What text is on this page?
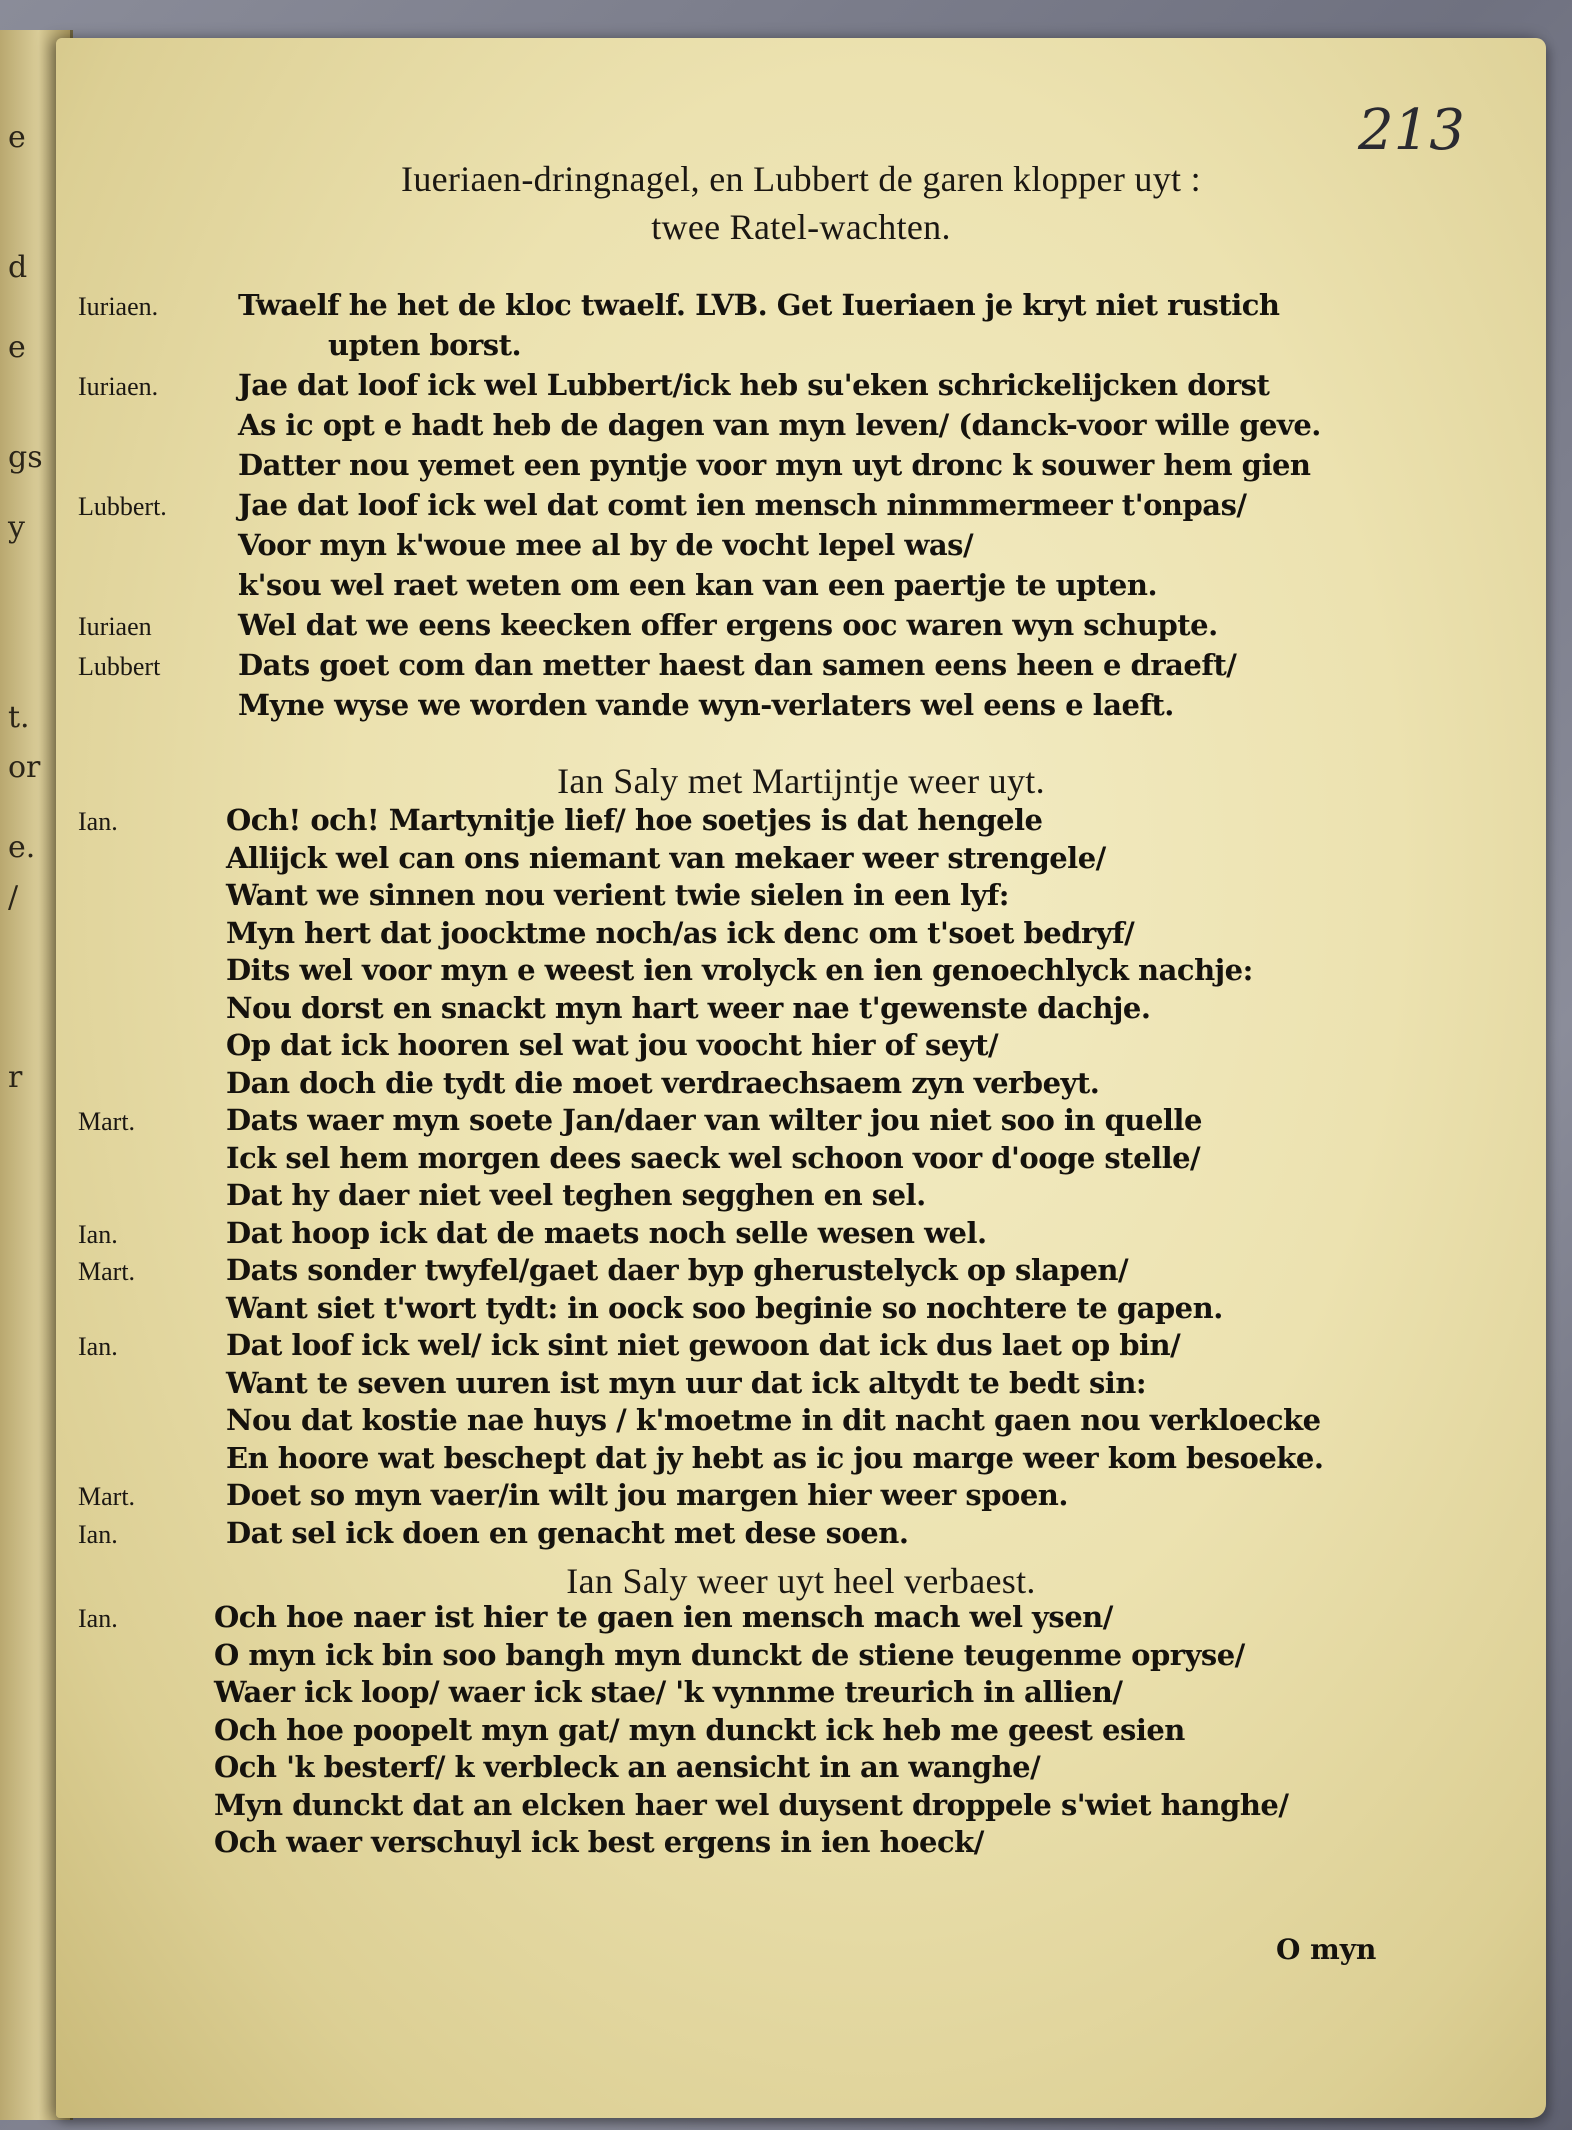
e
d
e
gs
y
t.
or
e.
/
r
213
Iueriaen-dringnagel, en Lubbert de garen klopper uyt :
twee Ratel-wachten.
Iuriaen.	Twaelf he het de kloc twaelf. LVB. Get Iueriaen je kryt niet rustich
upten borst.
Iuriaen.	Jae dat loof ick wel Lubbert/ick heb su'eken schrickelijcken dorst
As ic opt e hadt heb de dagen van myn leven/ (danck-voor wille geve.
Datter nou yemet een pyntje voor myn uyt dronc k souwer hem gien
Lubbert.	Jae dat loof ick wel dat comt ien mensch ninmmermeer t'onpas/
Voor myn k'woue mee al by de vocht lepel was/
k'sou wel raet weten om een kan van een paertje te upten.
Iuriaen	Wel dat we eens keecken offer ergens ooc waren wyn schupte.
Lubbert	Dats goet com dan metter haest dan samen eens heen e draeft/
Myne wyse we worden vande wyn-verlaters wel eens e laeft.
Ian Saly met Martijntje weer uyt.
Ian.	Och! och! Martynitje lief/ hoe soetjes is dat hengele
Allijck wel can ons niemant van mekaer weer strengele/
Want we sinnen nou verient twie sielen in een lyf:
Myn hert dat joocktme noch/as ick denc om t'soet bedryf/
Dits wel voor myn e weest ien vrolyck en ien genoechlyck nachje:
Nou dorst en snackt myn hart weer nae t'gewenste dachje.
Op dat ick hooren sel wat jou voocht hier of seyt/
Dan doch die tydt die moet verdraechsaem zyn verbeyt.
Mart.	Dats waer myn soete Jan/daer van wilter jou niet soo in quelle
Ick sel hem morgen dees saeck wel schoon voor d'ooge stelle/
Dat hy daer niet veel teghen segghen en sel.
Ian.	Dat hoop ick dat de maets noch selle wesen wel.
Mart.	Dats sonder twyfel/gaet daer byp gherustelyck op slapen/
Want siet t'wort tydt: in oock soo beginie so nochtere te gapen.
Ian.	Dat loof ick wel/ ick sint niet gewoon dat ick dus laet op bin/
Want te seven uuren ist myn uur dat ick altydt te bedt sin:
Nou dat kostie nae huys / k'moetme in dit nacht gaen nou verkloecke
En hoore wat beschept dat jy hebt as ic jou marge weer kom besoeke.
Mart.	Doet so myn vaer/in wilt jou margen hier weer spoen.
Ian.	Dat sel ick doen en genacht met dese soen.
Ian Saly weer uyt heel verbaest.
Ian.	Och hoe naer ist hier te gaen ien mensch mach wel ysen/
O myn ick bin soo bangh myn dunckt de stiene teugenme opryse/
Waer ick loop/ waer ick stae/ 'k vynnme treurich in allien/
Och hoe poopelt myn gat/ myn dunckt ick heb me geest esien
Och 'k besterf/ k verbleck an aensicht in an wanghe/
Myn dunckt dat an elcken haer wel duysent droppele s'wiet hanghe/
Och waer verschuyl ick best ergens in ien hoeck/
O myn
